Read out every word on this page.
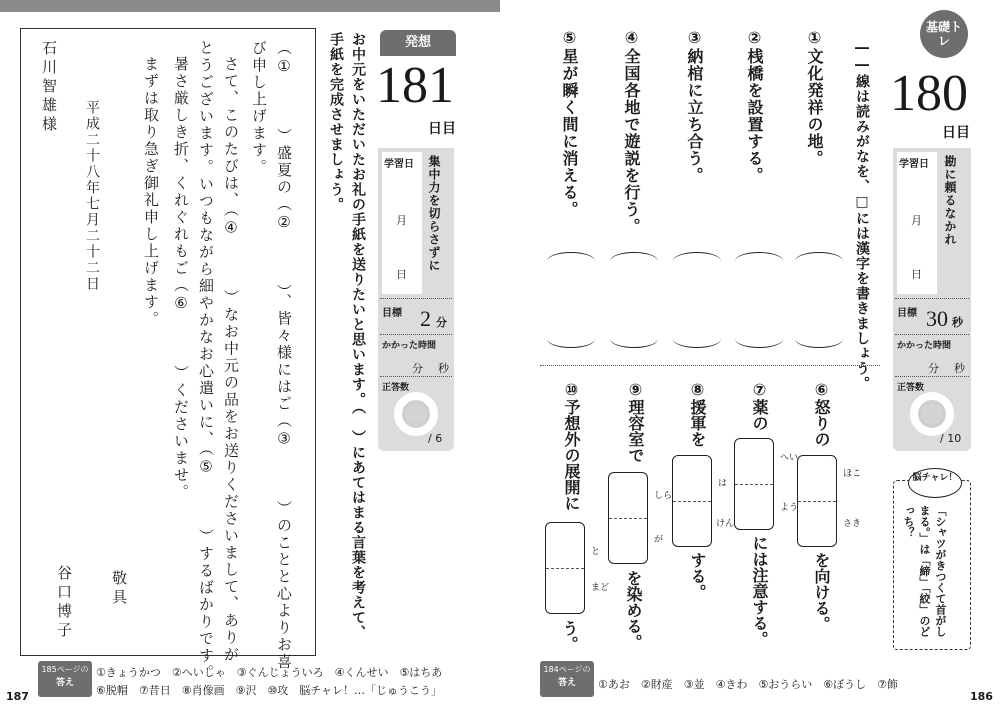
（①　　　）盛夏の（②　　　）、皆々様にはご（③　　　）のことと心よりお喜
び申し上げます。
さて、このたびは、（④　　　）なお中元の品をお送りくださいまして、ありが
とうございます。いつもながら細やかなお心遣いに、（⑤　　　）するばかりです。
暑さ厳しき折、くれぐれもご（⑥　　　）くださいませ。
まずは取り急ぎ御礼申し上げます。
敬具
平成二十八年七月二十二日
谷口博子
石川智雄様	お中元をいただいたお礼の手紙を送りたいと思います。（　）にあてはまる言葉を考えて、手紙を完成させましょう。	発想
181
日目
学習日
月
日
集中力を切らさずに
目標 2 分
かかった時間
分 秒
正答数
/ 6
185ページの
答え
①きょうかつ　②へいしゃ　③ぐんじょういろ　④くんせい　⑤はちあ
⑥脱帽　⑦昔日　⑧肖像画　⑨沢　⑩攻　脳チャレ！…「じゅうこう」
187
基礎トレ
180
日目
――線は読みがなを、□には漢字を書きましょう。	学習日
月
日
勘に頼るなかれ
目標 30 秒
かかった時間
分 秒
正答数
/ 10
脳チャレ！
「シャツがきつくて首がしまる。」は「締」「絞」のどっち？
①文化発祥の地。
②桟橋を設置する。
③納棺に立ち合う。
④全国各地で遊説を行う。
⑤星が瞬く間に消える。
⑥怒りの
ほこ
さき
を向ける。
⑦薬の
へい
よう
には注意する。
⑧援軍を
は
けん
する。
⑨理容室で
しら
が
を染める。
⑩予想外の展開に
と
まど
う。
184ページの
答え	①あお　②財産　③並　④きわ　⑤おうらい　⑥ぼうし　⑦飾
186
